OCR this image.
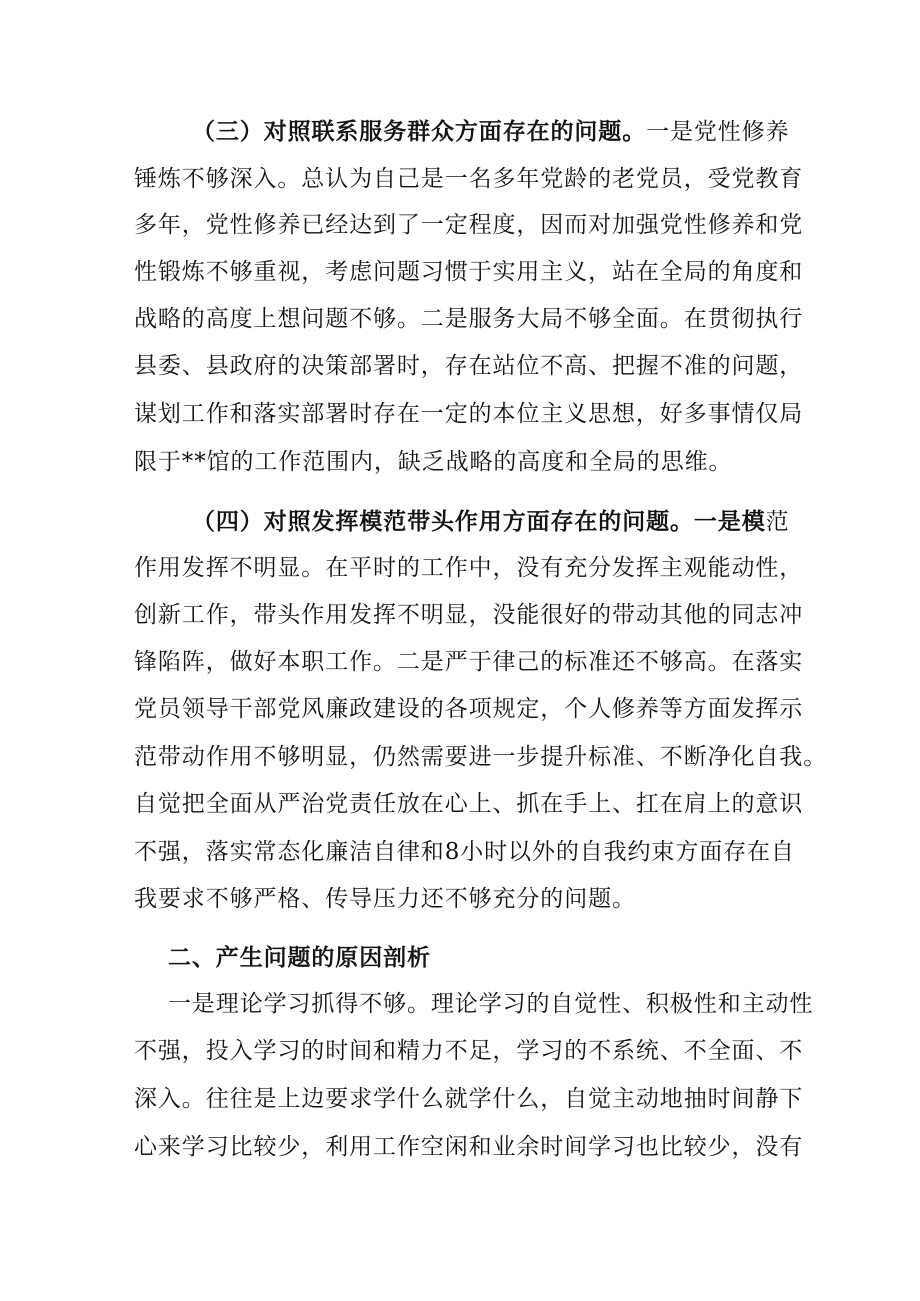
（三）对照联系服务群众方面存在的问题。一是党性修养
锤炼不够深入。总认为自己是一名多年党龄的老党员，受党教育
多年，党性修养已经达到了一定程度，因而对加强党性修养和党
性锻炼不够重视，考虑问题习惯于实用主义，站在全局的角度和
战略的高度上想问题不够。二是服务大局不够全面。在贯彻执行
县委、县政府的决策部署时，存在站位不高、把握不准的问题，
谋划工作和落实部署时存在一定的本位主义思想，好多事情仅局
限于**馆的工作范围内，缺乏战略的高度和全局的思维。
（四）对照发挥模范带头作用方面存在的问题。一是模范
作用发挥不明显。在平时的工作中，没有充分发挥主观能动性，
创新工作，带头作用发挥不明显，没能很好的带动其他的同志冲
锋陷阵，做好本职工作。二是严于律己的标准还不够高。在落实
党员领导干部党风廉政建设的各项规定，个人修养等方面发挥示
范带动作用不够明显，仍然需要进一步提升标准、不断净化自我。
自觉把全面从严治党责任放在心上、抓在手上、扛在肩上的意识
不强，落实常态化廉洁自律和8小时以外的自我约束方面存在自
我要求不够严格、传导压力还不够充分的问题。
二、产生问题的原因剖析
一是理论学习抓得不够。理论学习的自觉性、积极性和主动性
不强，投入学习的时间和精力不足，学习的不系统、不全面、不
深入。往往是上边要求学什么就学什么，自觉主动地抽时间静下
心来学习比较少，利用工作空闲和业余时间学习也比较少，没有
